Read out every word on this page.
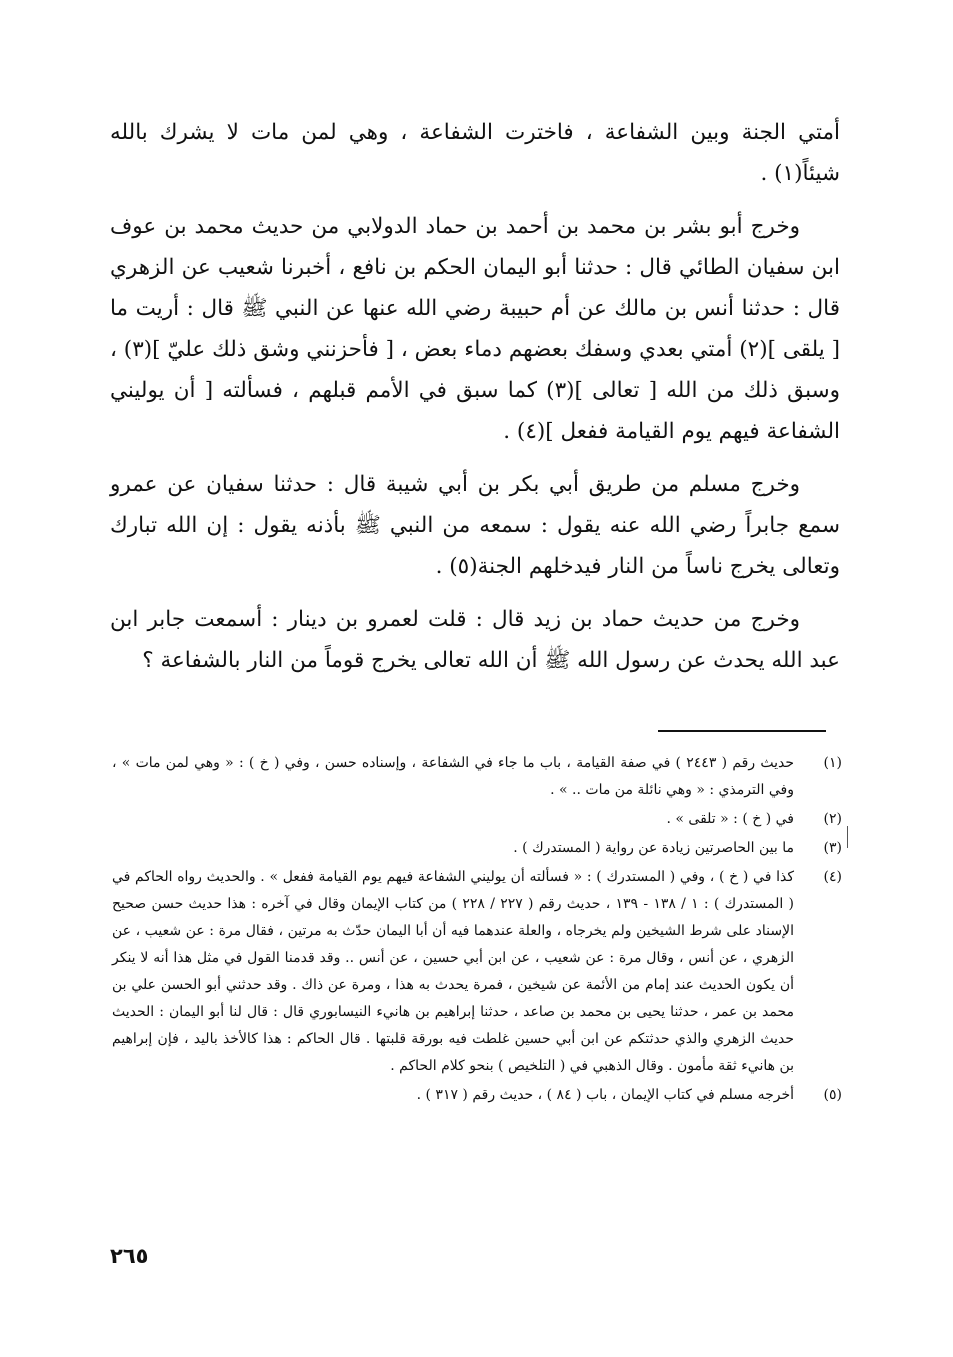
أمتي الجنة وبين الشفاعة ، فاخترت الشفاعة ، وهي لمن مات لا يشرك بالله شيئاً(١) .

وخرج أبو بشر بن محمد بن أحمد بن حماد الدولابي من حديث محمد بن عوف ابن سفيان الطائي قال : حدثنا أبو اليمان الحكم بن نافع ، أخبرنا شعيب عن الزهري قال : حدثنا أنس بن مالك عن أم حبيبة رضي الله عنها عن النبي ﷺ قال : أريت ما [ يلقى ](٢) أمتي بعدي وسفك بعضهم دماء بعض ، [ فأحزنني وشق ذلك عليّ ](٣) ، وسبق ذلك من الله [ تعالى ](٣) كما سبق في الأمم قبلهم ، فسألته [ أن يوليني الشفاعة فيهم يوم القيامة ففعل ](٤) .

وخرج مسلم من طريق أبي بكر بن أبي شيبة قال : حدثنا سفيان عن عمرو سمع جابراً رضي الله عنه يقول : سمعه من النبي ﷺ بأذنه يقول : إن الله تبارك وتعالى يخرج ناساً من النار فيدخلهم الجنة(٥) .

وخرج من حديث حماد بن زيد قال : قلت لعمرو بن دينار : أسمعت جابر ابن عبد الله يحدث عن رسول الله ﷺ أن الله تعالى يخرج قوماً من النار بالشفاعة ؟

(١)
حديث رقم ( ٢٤٤٣ ) في صفة القيامة ، باب ما جاء في الشفاعة ، وإسناده حسن ، وفي ( خ ) : « وهي لمن مات » ، وفي الترمذي : « وهي نائلة من مات .. » .
(٢)
في ( خ ) : « تلقى » .
(٣)
ما بين الحاصرتين زيادة عن رواية ( المستدرك ) .
(٤)
كذا في ( خ ) ، وفي ( المستدرك ) : « فسألته أن يوليني الشفاعة فيهم يوم القيامة ففعل » . والحديث رواه الحاكم في ( المستدرك ) : ١ / ١٣٨ - ١٣٩ ، حديث رقم ( ٢٢٧ / ٢٢٨ ) من كتاب الإيمان وقال في آخره : هذا حديث حسن صحيح الإسناد على شرط الشيخين ولم يخرجاه ، والعلة عندهما فيه أن أبا اليمان حدّث به مرتين ، فقال مرة : عن شعيب ، عن الزهري ، عن أنس ، وقال مرة : عن شعيب ، عن ابن أبي حسين ، عن أنس .. وقد قدمنا القول في مثل هذا أنه لا ينكر أن يكون الحديث عند إمام من الأئمة عن شيخين ، فمرة يحدث به هذا ، ومرة عن ذاك . وقد حدثني أبو الحسن علي بن محمد بن عمر ، حدثنا يحيى بن محمد بن صاعد ، حدثنا إبراهيم بن هانيء النيسابوري قال : قال لنا أبو اليمان : الحديث حديث الزهري والذي حدثتكم عن ابن أبي حسين غلطت فيه بورقة قلبتها . قال الحاكم : هذا كالأخذ باليد ، فإن إبراهيم بن هانيء ثقة مأمون . وقال الذهبي في ( التلخيص ) بنحو كلام الحاكم .
(٥)
أخرجه مسلم في كتاب الإيمان ، باب ( ٨٤ ) ، حديث رقم ( ٣١٧ ) .
٢٦٥
